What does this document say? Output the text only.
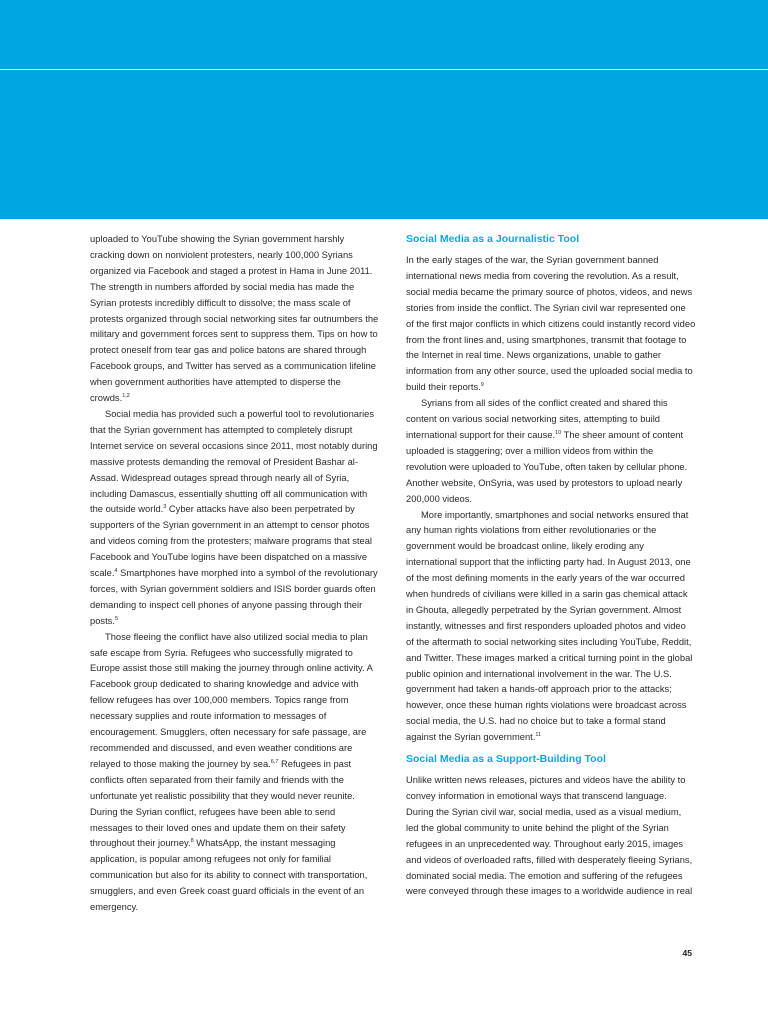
uploaded to YouTube showing the Syrian government harshly cracking down on nonviolent protesters, nearly 100,000 Syrians organized via Facebook and staged a protest in Hama in June 2011. The strength in numbers afforded by social media has made the Syrian protests incredibly difficult to dissolve; the mass scale of protests organized through social networking sites far outnumbers the military and government forces sent to suppress them. Tips on how to protect oneself from tear gas and police batons are shared through Facebook groups, and Twitter has served as a communication lifeline when government authorities have attempted to disperse the crowds.$^{1,2}$

Social media has provided such a powerful tool to revolutionaries that the Syrian government has attempted to completely disrupt Internet service on several occasions since 2011, most notably during massive protests demanding the removal of President Bashar al-Assad. Widespread outages spread through nearly all of Syria, including Damascus, essentially shutting off all communication with the outside world.$^3$ Cyber attacks have also been perpetrated by supporters of the Syrian government in an attempt to censor photos and videos coming from the protesters; malware programs that steal Facebook and YouTube logins have been dispatched on a massive scale.$^4$ Smartphones have morphed into a symbol of the revolutionary forces, with Syrian government soldiers and ISIS border guards often demanding to inspect cell phones of anyone passing through their posts.$^5$

Those fleeing the conflict have also utilized social media to plan safe escape from Syria. Refugees who successfully migrated to Europe assist those still making the journey through online activity. A Facebook group dedicated to sharing knowledge and advice with fellow refugees has over 100,000 members. Topics range from necessary supplies and route information to messages of encouragement. Smugglers, often necessary for safe passage, are recommended and discussed, and even weather conditions are relayed to those making the journey by sea.$^{6,7}$ Refugees in past conflicts often separated from their family and friends with the unfortunate yet realistic possibility that they would never reunite. During the Syrian conflict, refugees have been able to send messages to their loved ones and update them on their safety throughout their journey.$^8$ WhatsApp, the instant messaging application, is popular among refugees not only for familial communication but also for its ability to connect with transportation, smugglers, and even Greek coast guard officials in the event of an emergency.

Social Media as a Journalistic Tool

In the early stages of the war, the Syrian government banned international news media from covering the revolution. As a result, social media became the primary source of photos, videos, and news stories from inside the conflict. The Syrian civil war represented one of the first major conflicts in which citizens could instantly record video from the front lines and, using smartphones, transmit that footage to the Internet in real time. News organizations, unable to gather information from any other source, used the uploaded social media to build their reports.$^9$

Syrians from all sides of the conflict created and shared this content on various social networking sites, attempting to build international support for their cause.$^{10}$ The sheer amount of content uploaded is staggering; over a million videos from within the revolution were uploaded to YouTube, often taken by cellular phone. Another website, OnSyria, was used by protestors to upload nearly 200,000 videos.

More importantly, smartphones and social networks ensured that any human rights violations from either revolutionaries or the government would be broadcast online, likely eroding any international support that the inflicting party had. In August 2013, one of the most defining moments in the early years of the war occurred when hundreds of civilians were killed in a sarin gas chemical attack in Ghouta, allegedly perpetrated by the Syrian government. Almost instantly, witnesses and first responders uploaded photos and video of the aftermath to social networking sites including YouTube, Reddit, and Twitter. These images marked a critical turning point in the global public opinion and international involvement in the war. The U.S. government had taken a hands-off approach prior to the attacks; however, once these human rights violations were broadcast across social media, the U.S. had no choice but to take a formal stand against the Syrian government.$^{11}$

Social Media as a Support-Building Tool

Unlike written news releases, pictures and videos have the ability to convey information in emotional ways that transcend language. During the Syrian civil war, social media, used as a visual medium, led the global community to unite behind the plight of the Syrian refugees in an unprecedented way. Throughout early 2015, images and videos of overloaded rafts, filled with desperately fleeing Syrians, dominated social media. The emotion and suffering of the refugees were conveyed through these images to a worldwide audience in real

45
